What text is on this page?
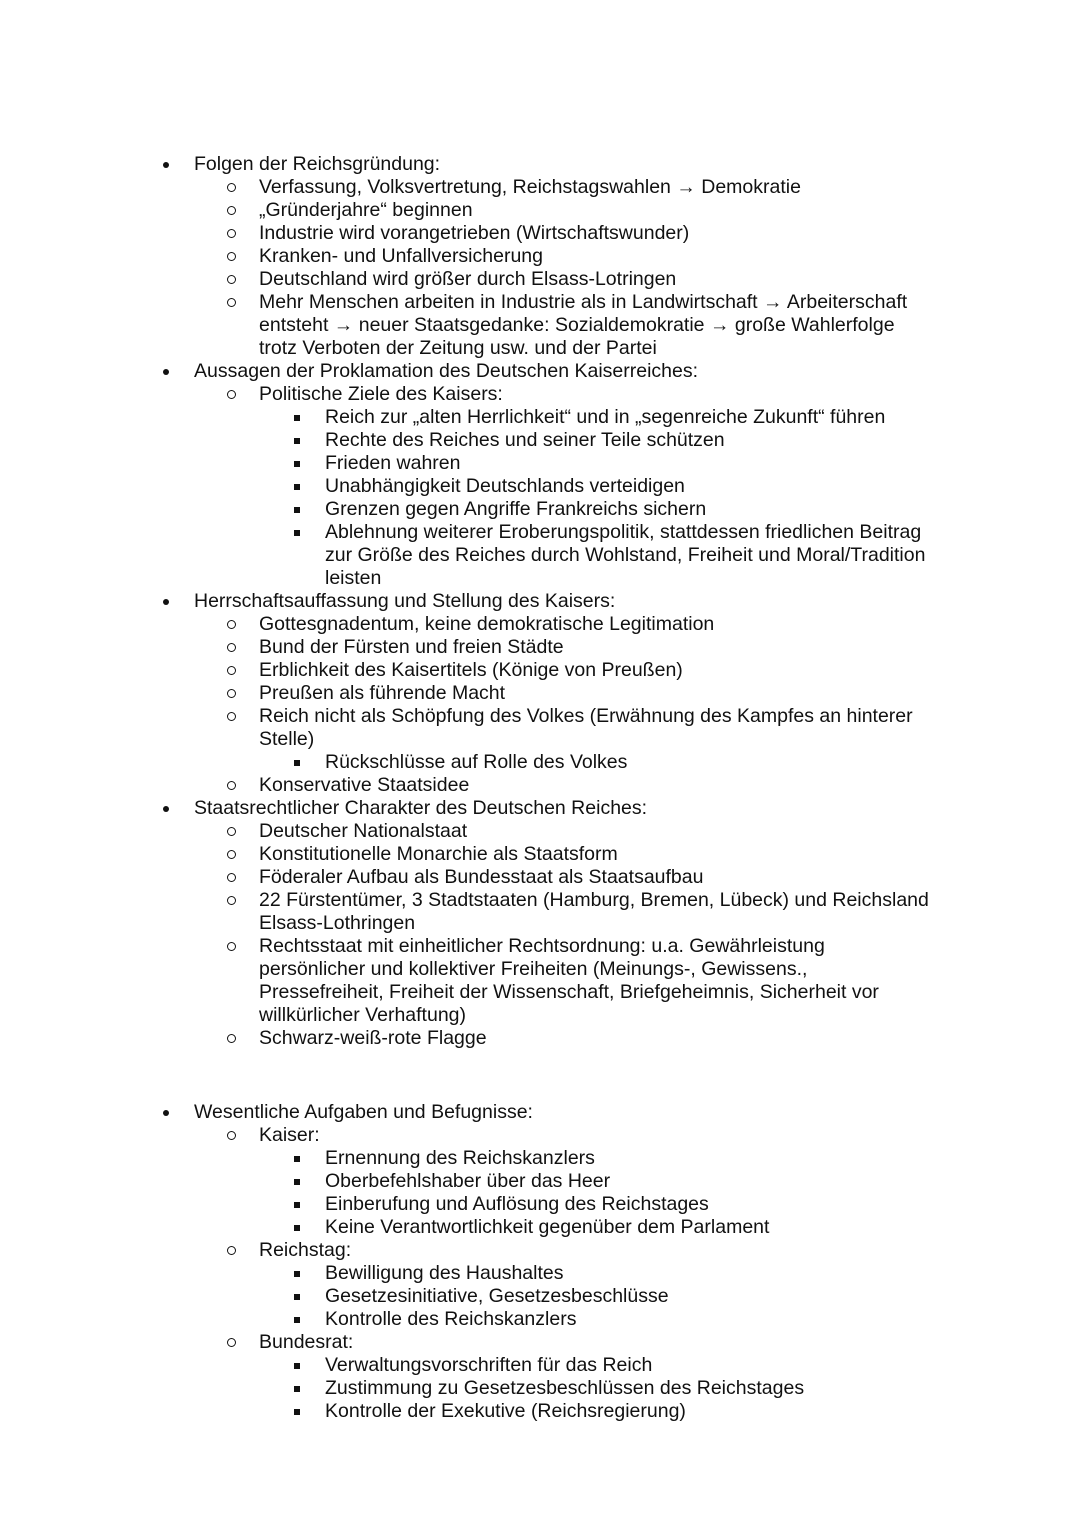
Folgen der Reichsgründung:
Verfassung, Volksvertretung, Reichstagswahlen → Demokratie
„Gründerjahre“ beginnen
Industrie wird vorangetrieben (Wirtschaftswunder)
Kranken- und Unfallversicherung
Deutschland wird größer durch Elsass-Lotringen
Mehr Menschen arbeiten in Industrie als in Landwirtschaft → Arbeiterschaft
entsteht → neuer Staatsgedanke: Sozialdemokratie → große Wahlerfolge
trotz Verboten der Zeitung usw. und der Partei
Aussagen der Proklamation des Deutschen Kaiserreiches:
Politische Ziele des Kaisers:
Reich zur „alten Herrlichkeit“ und in „segenreiche Zukunft“ führen
Rechte des Reiches und seiner Teile schützen
Frieden wahren
Unabhängigkeit Deutschlands verteidigen
Grenzen gegen Angriffe Frankreichs sichern
Ablehnung weiterer Eroberungspolitik, stattdessen friedlichen Beitrag
zur Größe des Reiches durch Wohlstand, Freiheit und Moral/Tradition
leisten
Herrschaftsauffassung und Stellung des Kaisers:
Gottesgnadentum, keine demokratische Legitimation
Bund der Fürsten und freien Städte
Erblichkeit des Kaisertitels (Könige von Preußen)
Preußen als führende Macht
Reich nicht als Schöpfung des Volkes (Erwähnung des Kampfes an hinterer
Stelle)
Rückschlüsse auf Rolle des Volkes
Konservative Staatsidee
Staatsrechtlicher Charakter des Deutschen Reiches:
Deutscher Nationalstaat
Konstitutionelle Monarchie als Staatsform
Föderaler Aufbau als Bundesstaat als Staatsaufbau
22 Fürstentümer, 3 Stadtstaaten (Hamburg, Bremen, Lübeck) und Reichsland
Elsass-Lothringen
Rechtsstaat mit einheitlicher Rechtsordnung: u.a. Gewährleistung
persönlicher und kollektiver Freiheiten (Meinungs-, Gewissens.,
Pressefreiheit, Freiheit der Wissenschaft, Briefgeheimnis, Sicherheit vor
willkürlicher Verhaftung)
Schwarz-weiß-rote Flagge
Wesentliche Aufgaben und Befugnisse:
Kaiser:
Ernennung des Reichskanzlers
Oberbefehlshaber über das Heer
Einberufung und Auflösung des Reichstages
Keine Verantwortlichkeit gegenüber dem Parlament
Reichstag:
Bewilligung des Haushaltes
Gesetzesinitiative, Gesetzesbeschlüsse
Kontrolle des Reichskanzlers
Bundesrat:
Verwaltungsvorschriften für das Reich
Zustimmung zu Gesetzesbeschlüssen des Reichstages
Kontrolle der Exekutive (Reichsregierung)
